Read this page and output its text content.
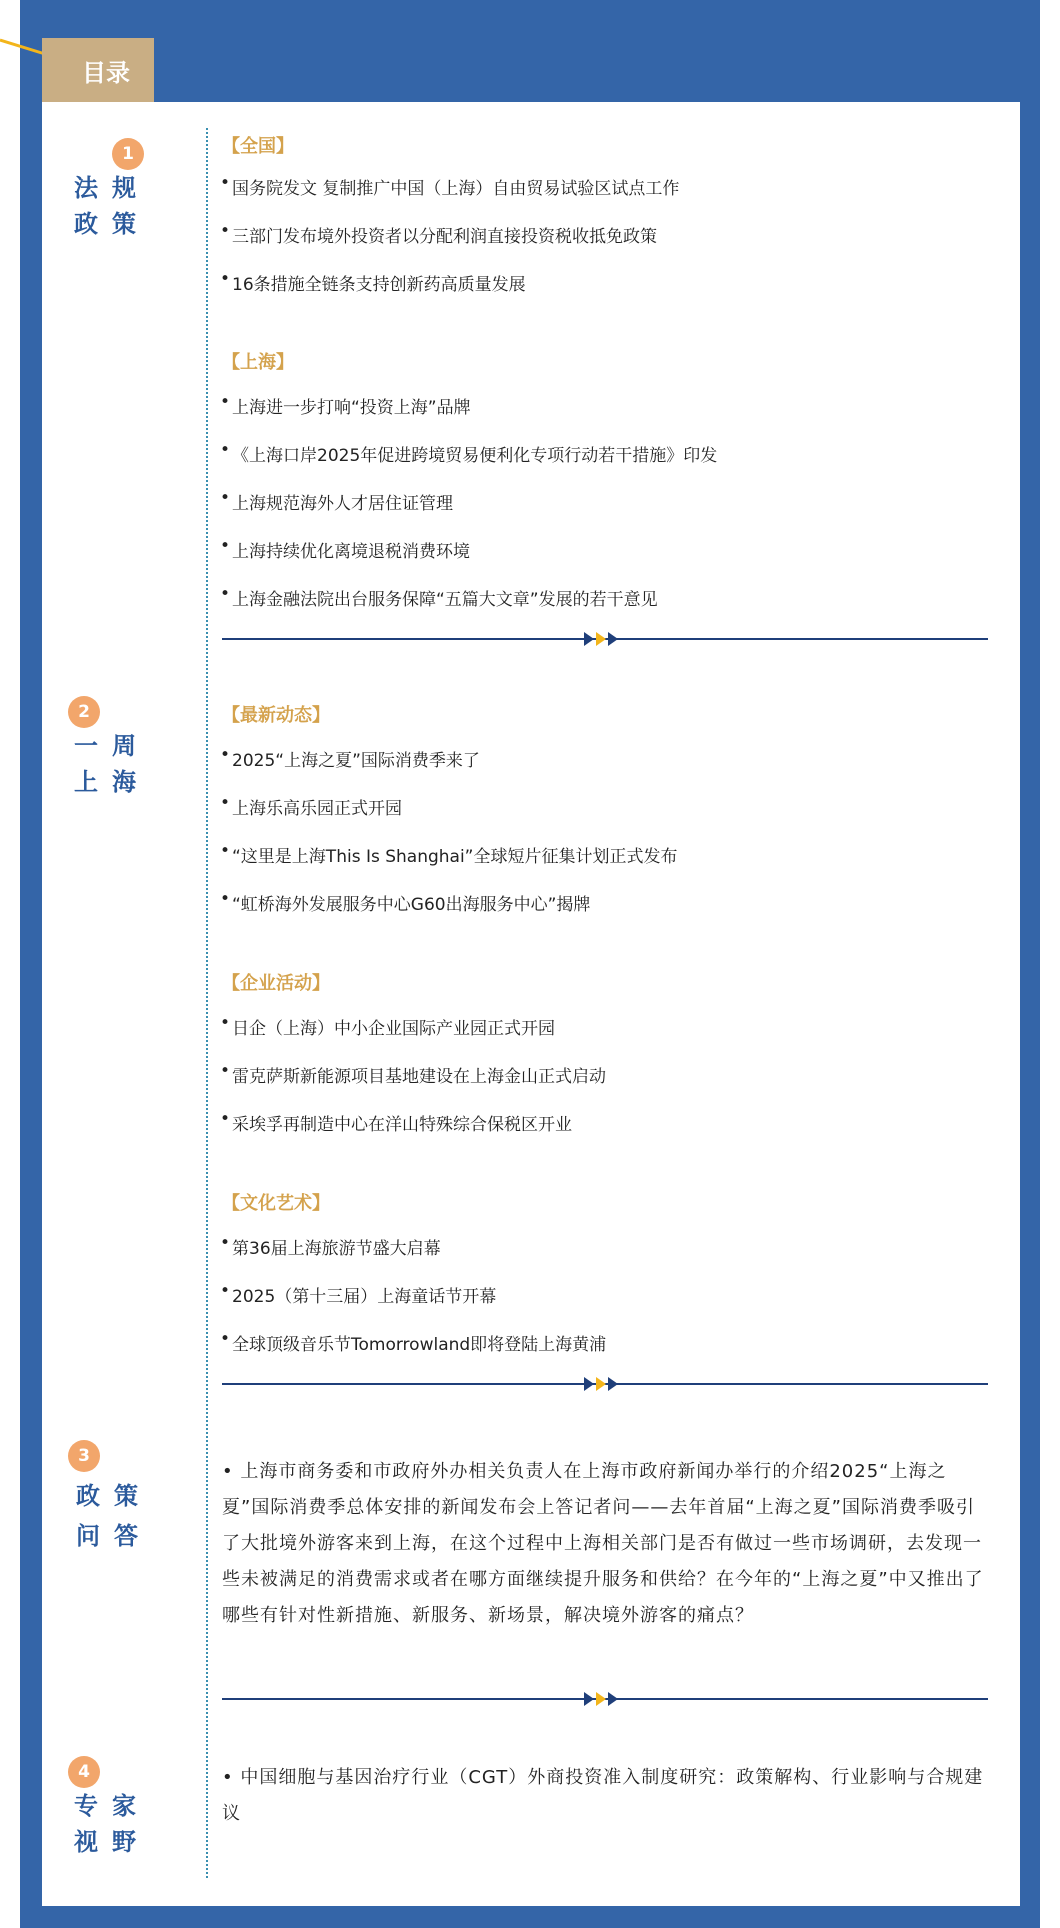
目录
1
法规
政策
【全国】
• 国务院发文 复制推广中国（上海）自由贸易试验区试点工作
• 三部门发布境外投资者以分配利润直接投资税收抵免政策
• 16条措施全链条支持创新药高质量发展
【上海】
• 上海进一步打响“投资上海”品牌
• 《上海口岸2025年促进跨境贸易便利化专项行动若干措施》印发
• 上海规范海外人才居住证管理
• 上海持续优化离境退税消费环境
• 上海金融法院出台服务保障“五篇大文章”发展的若干意见
2
一周
上海
【最新动态】
• 2025“上海之夏”国际消费季来了
• 上海乐高乐园正式开园
• “这里是上海This Is Shanghai”全球短片征集计划正式发布
• “虹桥海外发展服务中心G60出海服务中心”揭牌
【企业活动】
• 日企（上海）中小企业国际产业园正式开园
• 雷克萨斯新能源项目基地建设在上海金山正式启动
• 采埃孚再制造中心在洋山特殊综合保税区开业
【文化艺术】
• 第36届上海旅游节盛大启幕
• 2025（第十三届）上海童话节开幕
• 全球顶级音乐节Tomorrowland即将登陆上海黄浦
3
政策
问答
• 上海市商务委和市政府外办相关负责人在上海市政府新闻办举行的介绍2025“上海之夏”国际消费季总体安排的新闻发布会上答记者问——去年首届“上海之夏”国际消费季吸引了大批境外游客来到上海，在这个过程中上海相关部门是否有做过一些市场调研，去发现一些未被满足的消费需求或者在哪方面继续提升服务和供给？在今年的“上海之夏”中又推出了哪些有针对性新措施、新服务、新场景，解决境外游客的痛点？
4
专家
视野
• 中国细胞与基因治疗行业（CGT）外商投资准入制度研究：政策解构、行业影响与合规建议
